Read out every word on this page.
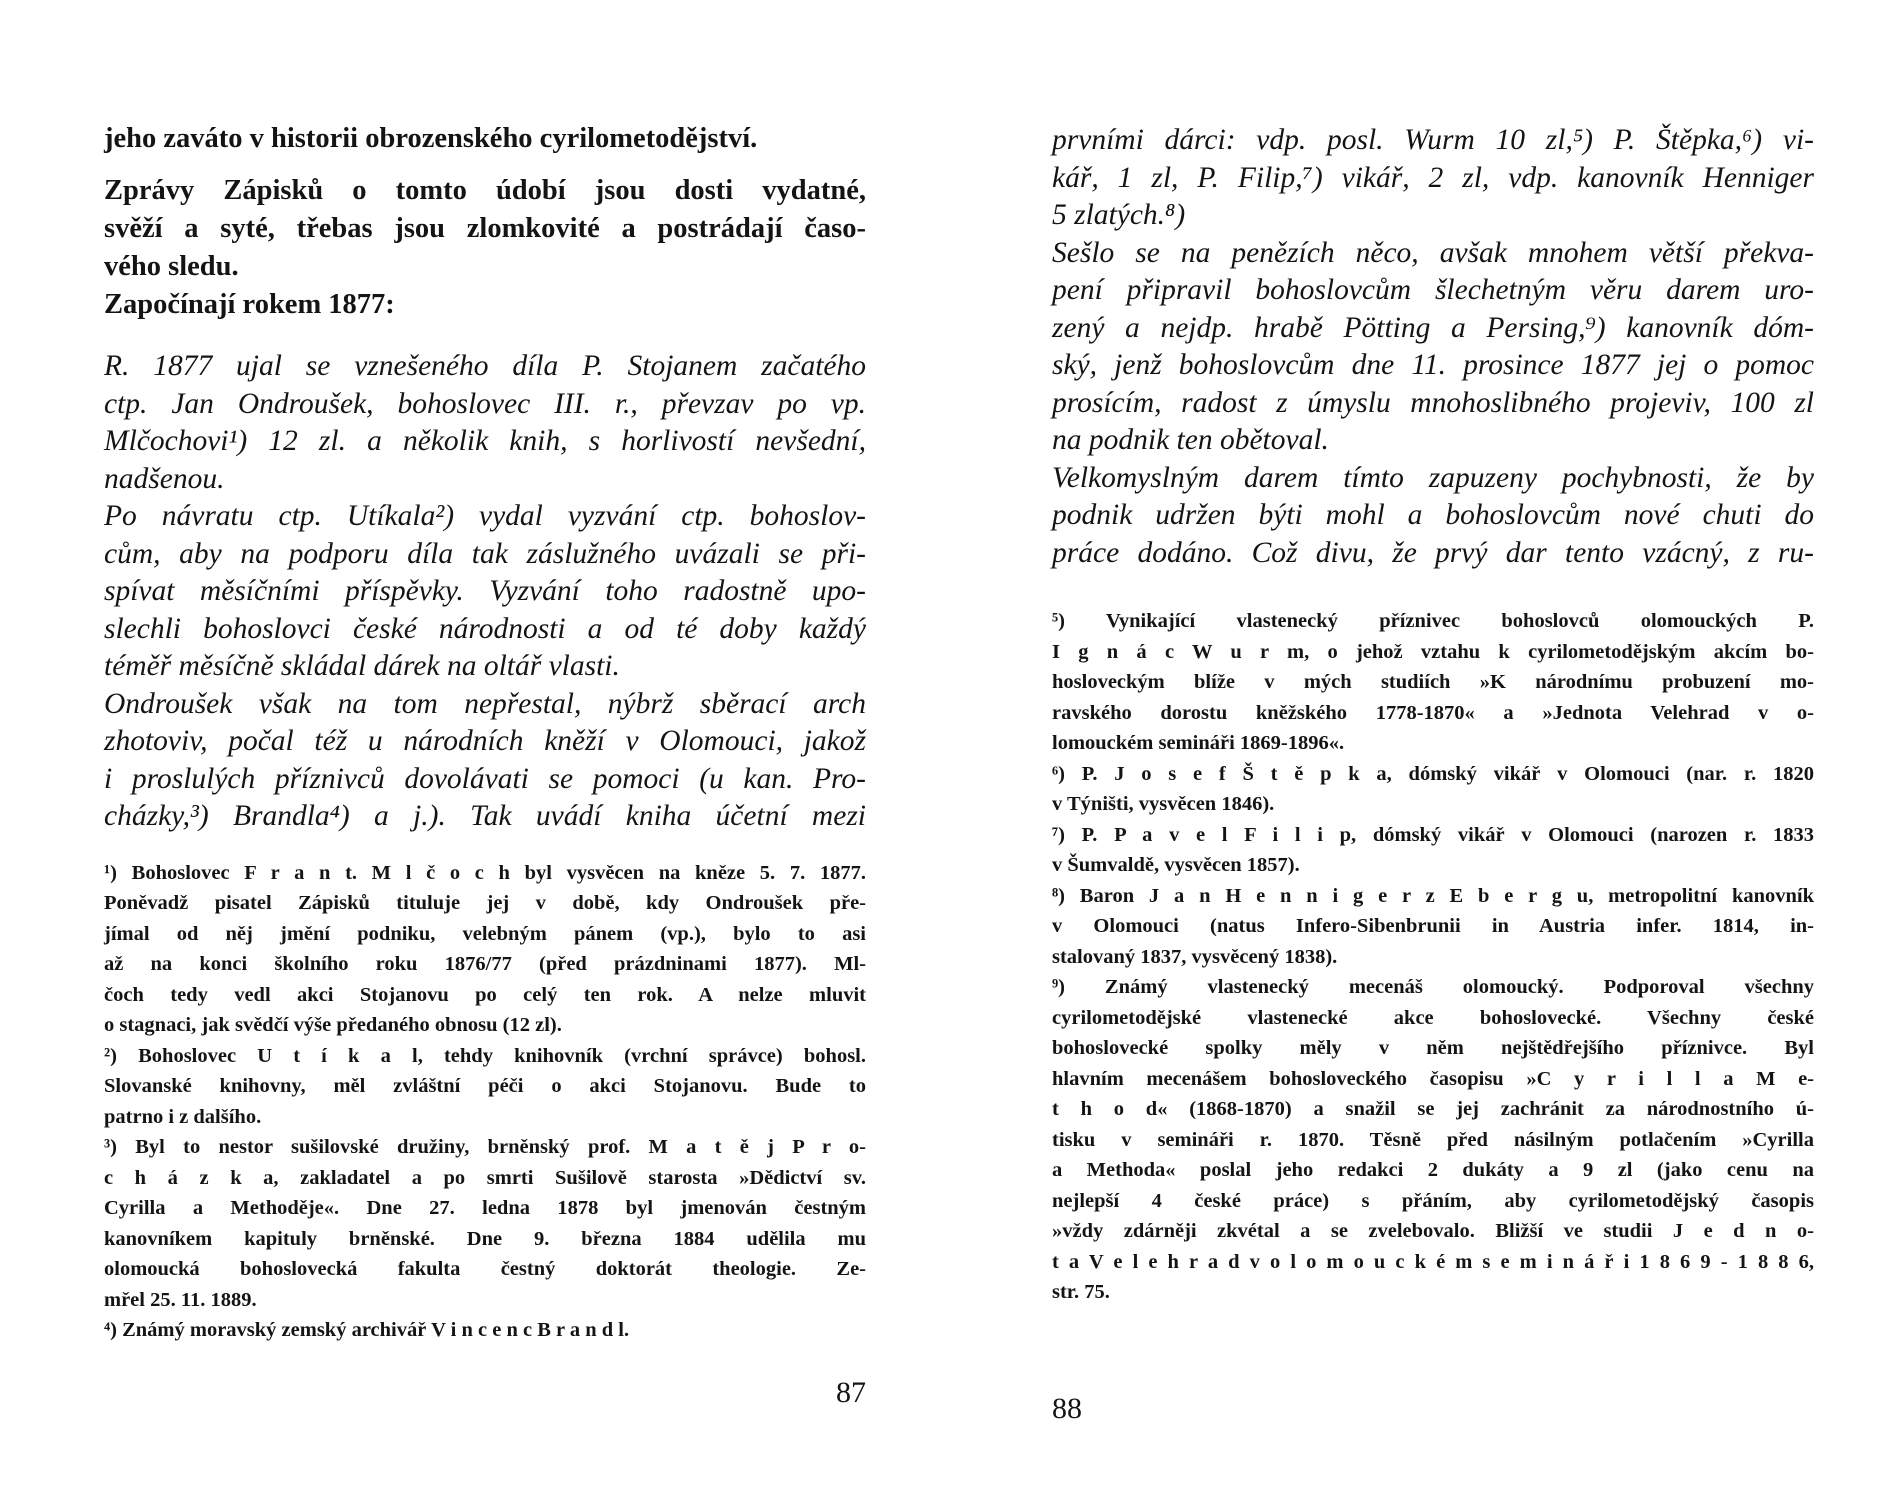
jeho zaváto v historii obrozenského cyrilometodějství.
Zprávy Zápisků o tomto údobí jsou dosti vydatné,
svěží a syté, třebas jsou zlomkovité a postrádají časo-
vého sledu.
Započínají rokem 1877:
R. 1877 ujal se vznešeného díla P. Stojanem začatého
ctp. Jan Ondroušek, bohoslovec III. r., převzav po vp.
Mlčochovi¹) 12 zl. a několik knih, s horlivostí nevšední,
nadšenou.
Po návratu ctp. Utíkala²) vydal vyzvání ctp. bohoslov-
cům, aby na podporu díla tak záslužného uvázali se při-
spívat měsíčními příspěvky. Vyzvání toho radostně upo-
slechli bohoslovci české národnosti a od té doby každý
téměř měsíčně skládal dárek na oltář vlasti.
Ondroušek však na tom nepřestal, nýbrž sběrací arch
zhotoviv, počal též u národních kněží v Olomouci, jakož
i proslulých příznivců dovolávati se pomoci (u kan. Pro-
cházky,³) Brandla⁴) a j.). Tak uvádí kniha účetní mezi
¹) Bohoslovec F r a n t. M l č o c h byl vysvěcen na kněze 5. 7. 1877.
Poněvadž pisatel Zápisků tituluje jej v době, kdy Ondroušek pře-
jímal od něj jmění podniku, velebným pánem (vp.), bylo to asi
až na konci školního roku 1876/77 (před prázdninami 1877). Ml-
čoch tedy vedl akci Stojanovu po celý ten rok. A nelze mluvit
o stagnaci, jak svědčí výše předaného obnosu (12 zl).
²) Bohoslovec U t í k a l, tehdy knihovník (vrchní správce) bohosl.
Slovanské knihovny, měl zvláštní péči o akci Stojanovu. Bude to
patrno i z dalšího.
³) Byl to nestor sušilovské družiny, brněnský prof. M a t ě j P r o-
c h á z k a, zakladatel a po smrti Sušilově starosta »Dědictví sv.
Cyrilla a Methoděje«. Dne 27. ledna 1878 byl jmenován čestným
kanovníkem kapituly brněnské. Dne 9. března 1884 udělila mu
olomoucká bohoslovecká fakulta čestný doktorát theologie. Ze-
mřel 25. 11. 1889.
⁴) Známý moravský zemský archivář V i n c e n c B r a n d l.
87
prvními dárci: vdp. posl. Wurm 10 zl,⁵) P. Štěpka,⁶) vi-
kář, 1 zl, P. Filip,⁷) vikář, 2 zl, vdp. kanovník Henniger
5 zlatých.⁸)
Sešlo se na penězích něco, avšak mnohem větší překva-
pení připravil bohoslovcům šlechetným věru darem uro-
zený a nejdp. hrabě Pötting a Persing,⁹) kanovník dóm-
ský, jenž bohoslovcům dne 11. prosince 1877 jej o pomoc
prosícím, radost z úmyslu mnohoslibného projeviv, 100 zl
na podnik ten obětoval.
Velkomyslným darem tímto zapuzeny pochybnosti, že by
podnik udržen býti mohl a bohoslovcům nové chuti do
práce dodáno. Což divu, že prvý dar tento vzácný, z ru-
⁵) Vynikající vlastenecký příznivec bohoslovců olomouckých P.
I g n á c W u r m, o jehož vztahu k cyrilometodějským akcím bo-
hosloveckým blíže v mých studiích »K národnímu probuzení mo-
ravského dorostu kněžského 1778-1870« a »Jednota Velehrad v o-
lomouckém semináři 1869-1896«.
⁶) P. J o s e f Š t ě p k a, dómský vikář v Olomouci (nar. r. 1820
v Týništi, vysvěcen 1846).
⁷) P. P a v e l F i l i p, dómský vikář v Olomouci (narozen r. 1833
v Šumvaldě, vysvěcen 1857).
⁸) Baron J a n H e n n i g e r z E b e r g u, metropolitní kanovník
v Olomouci (natus Infero-Sibenbrunii in Austria infer. 1814, in-
stalovaný 1837, vysvěcený 1838).
⁹) Známý vlastenecký mecenáš olomoucký. Podporoval všechny
cyrilometodějské vlastenecké akce bohoslovecké. Všechny české
bohoslovecké spolky měly v něm nejštědřejšího příznivce. Byl
hlavním mecenášem bohosloveckého časopisu »C y r i l l a M e-
t h o d« (1868-1870) a snažil se jej zachránit za národnostního ú-
tisku v semináři r. 1870. Těsně před násilným potlačením »Cyrilla
a Methoda« poslal jeho redakci 2 dukáty a 9 zl (jako cenu na
nejlepší 4 české práce) s přáním, aby cyrilometodějský časopis
»vždy zdárněji zkvétal a se zvelebovalo. Bližší ve studii J e d n o-
t a V e l e h r a d v o l o m o u c k é m s e m i n á ř i 1 8 6 9 - 1 8 8 6,
str. 75.
88
